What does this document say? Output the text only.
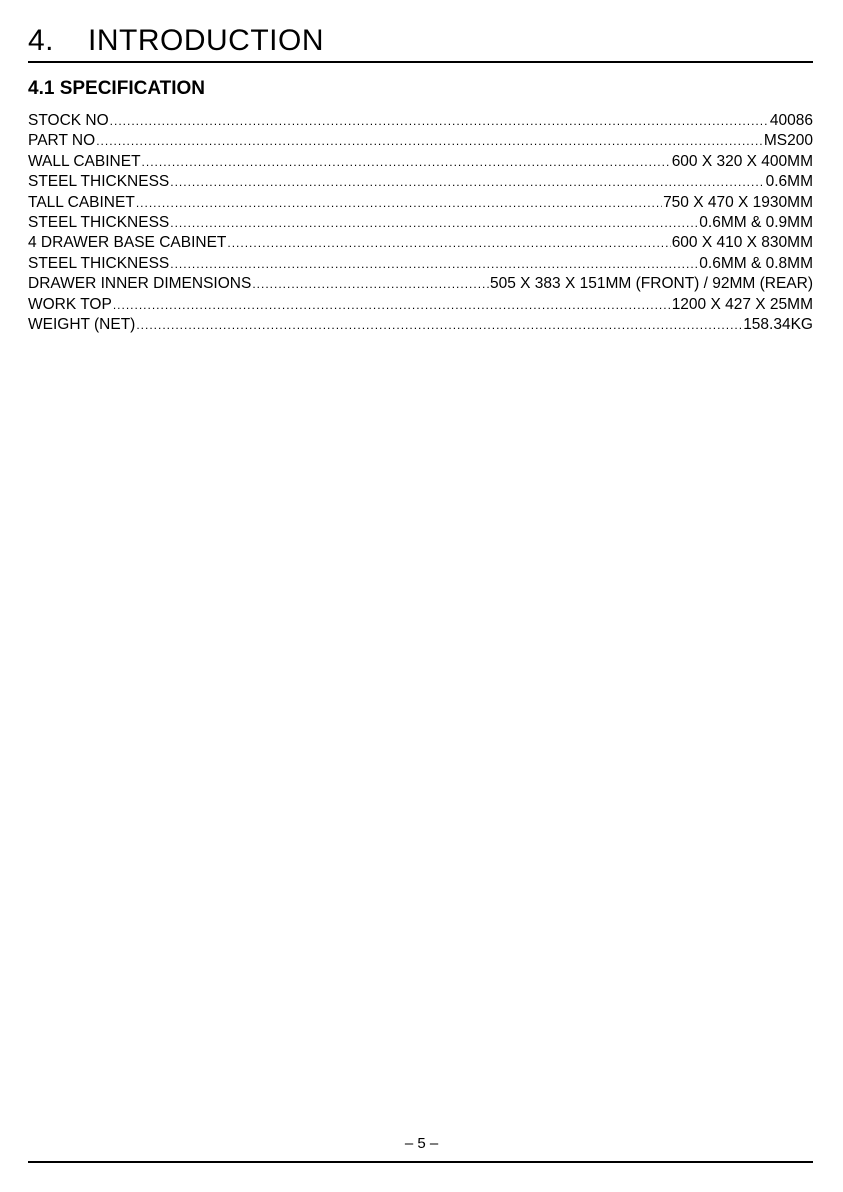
4. INTRODUCTION
4.1 SPECIFICATION
STOCK NO .....	40086
PART NO .....	MS200
WALL CABINET .....	600 X 320 X 400MM
STEEL THICKNESS .....	0.6MM
TALL CABINET .....	750 X 470 X 1930MM
STEEL THICKNESS .....	0.6MM & 0.9MM
4 DRAWER BASE CABINET .....	600 X 410 X 830MM
STEEL THICKNESS .....	0.6MM & 0.8MM
DRAWER INNER DIMENSIONS .....	505 X 383 X 151MM (FRONT) / 92MM (REAR)
WORK TOP .....	1200 X 427 X 25MM
WEIGHT (NET) .....	158.34KG
– 5 –
